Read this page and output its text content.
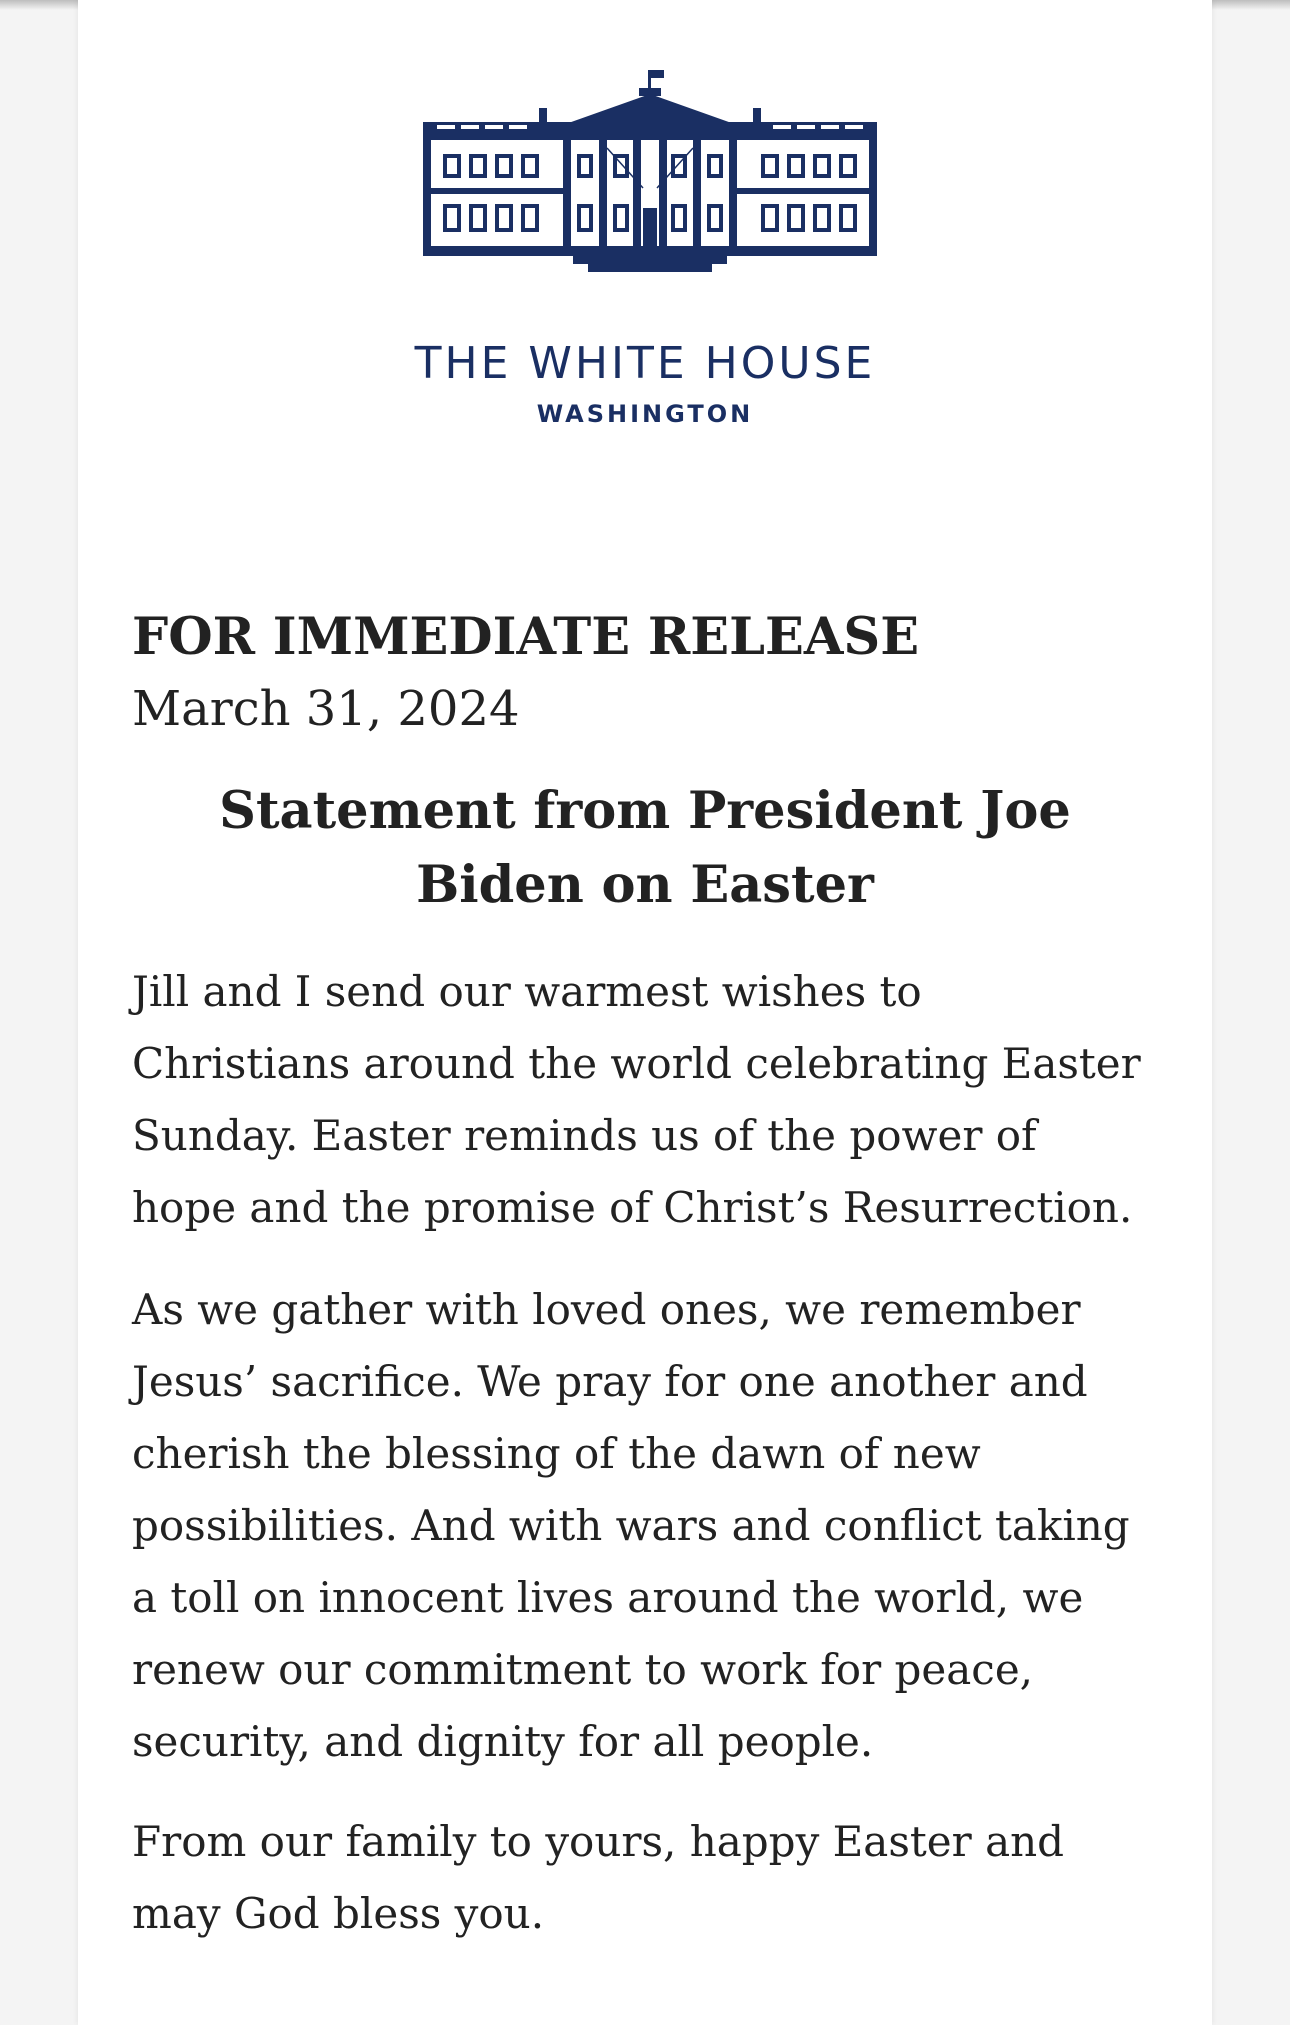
THE WHITE HOUSE
WASHINGTON
FOR IMMEDIATE RELEASE
March 31, 2024
Statement from President Joe Biden on Easter

Jill and I send our warmest wishes to Christians around the world celebrating Easter Sunday. Easter reminds us of the power of hope and the promise of Christ’s Resurrection.

As we gather with loved ones, we remember Jesus’ sacrifice. We pray for one another and cherish the blessing of the dawn of new possibilities. And with wars and conflict taking a toll on innocent lives around the world, we renew our commitment to work for peace, security, and dignity for all people.

From our family to yours, happy Easter and may God bless you.
